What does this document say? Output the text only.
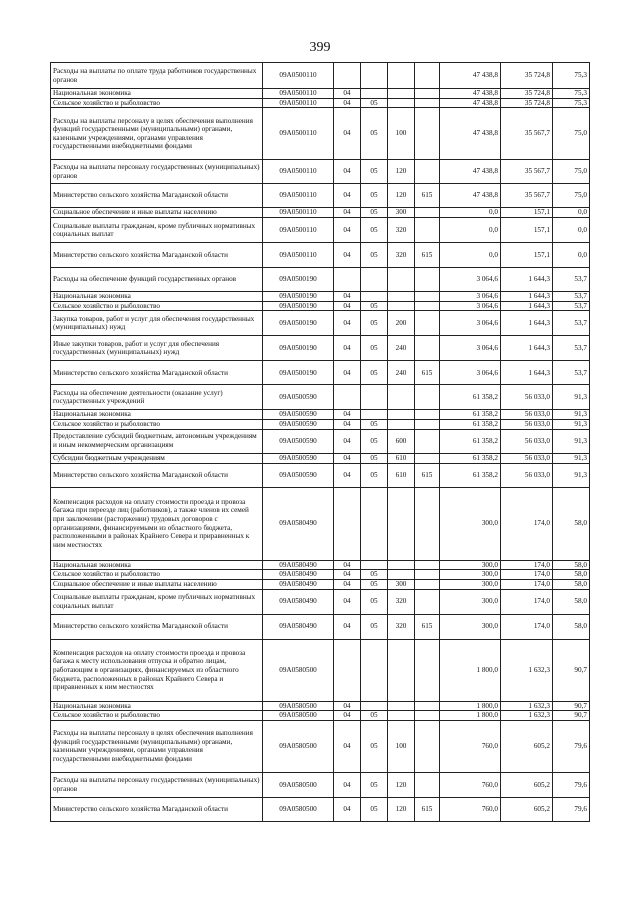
399
Расходы на выплаты по оплате труда работников государственных органов	09А0500110					47 438,8	35 724,8	75,3
Национальная экономика	09А0500110	04				47 438,8	35 724,8	75,3
Сельское хозяйство и рыболовство	09А0500110	04	05			47 438,8	35 724,8	75,3
Расходы на выплаты персоналу в целях обеспечения выполнения функций государственными (муниципальными) органами, казенными учреждениями, органами управления государственными внебюджетными фондами	09А0500110	04	05	100		47 438,8	35 567,7	75,0
Расходы на выплаты персоналу государственных (муниципальных) органов	09А0500110	04	05	120		47 438,8	35 567,7	75,0
Министерство сельского хозяйства Магаданской области	09А0500110	04	05	120	615	47 438,8	35 567,7	75,0
Социальное обеспечение и иные выплаты населению	09А0500110	04	05	300		0,0	157,1	0,0
Социальные выплаты гражданам, кроме публичных нормативных социальных выплат	09А0500110	04	05	320		0,0	157,1	0,0
Министерство сельского хозяйства Магаданской области	09А0500110	04	05	320	615	0,0	157,1	0,0
Расходы на обеспечение функций государственных органов	09А0500190					3 064,6	1 644,3	53,7
Национальная экономика	09А0500190	04				3 064,6	1 644,3	53,7
Сельское хозяйство и рыболовство	09А0500190	04	05			3 064,6	1 644,3	53,7
Закупка товаров, работ и услуг для обеспечения государственных (муниципальных) нужд	09А0500190	04	05	200		3 064,6	1 644,3	53,7
Иные закупки товаров, работ и услуг для обеспечения государственных (муниципальных) нужд	09А0500190	04	05	240		3 064,6	1 644,3	53,7
Министерство сельского хозяйства Магаданской области	09А0500190	04	05	240	615	3 064,6	1 644,3	53,7
Расходы на обеспечение деятельности (оказание услуг) государственных учреждений	09А0500590					61 358,2	56 033,0	91,3
Национальная экономика	09А0500590	04				61 358,2	56 033,0	91,3
Сельское хозяйство и рыболовство	09А0500590	04	05			61 358,2	56 033,0	91,3
Предоставление субсидий бюджетным, автономным учреждениям и иным некоммерческим организациям	09А0500590	04	05	600		61 358,2	56 033,0	91,3
Субсидии бюджетным учреждениям	09А0500590	04	05	610		61 358,2	56 033,0	91,3
Министерство сельского хозяйства Магаданской области	09А0500590	04	05	610	615	61 358,2	56 033,0	91,3
Компенсация расходов на оплату стоимости проезда и провоза багажа при переезде лиц (работников), а также членов их семей при заключении (расторжении) трудовых договоров с организациями, финансируемыми из областного бюджета, расположенными в районах Крайнего Севера и приравненных к ним местностях	09А0580490					300,0	174,0	58,0
Национальная экономика	09А0580490	04				300,0	174,0	58,0
Сельское хозяйство и рыболовство	09А0580490	04	05			300,0	174,0	58,0
Социальное обеспечение и иные выплаты населению	09А0580490	04	05	300		300,0	174,0	58,0
Социальные выплаты гражданам, кроме публичных нормативных социальных выплат	09А0580490	04	05	320		300,0	174,0	58,0
Министерство сельского хозяйства Магаданской области	09А0580490	04	05	320	615	300,0	174,0	58,0
Компенсация расходов на оплату стоимости проезда и провоза багажа к месту использования отпуска и обратно лицам, работающим в организациях, финансируемых из областного бюджета, расположенных в районах Крайнего Севера и приравненных к ним местностях	09А0580500					1 800,0	1 632,3	90,7
Национальная экономика	09А0580500	04				1 800,0	1 632,3	90,7
Сельское хозяйство и рыболовство	09А0580500	04	05			1 800,0	1 632,3	90,7
Расходы на выплаты персоналу в целях обеспечения выполнения функций государственными (муниципальными) органами, казенными учреждениями, органами управления государственными внебюджетными фондами	09А0580500	04	05	100		760,0	605,2	79,6
Расходы на выплаты персоналу государственных (муниципальных) органов	09А0580500	04	05	120		760,0	605,2	79,6
Министерство сельского хозяйства Магаданской области	09А0580500	04	05	120	615	760,0	605,2	79,6
